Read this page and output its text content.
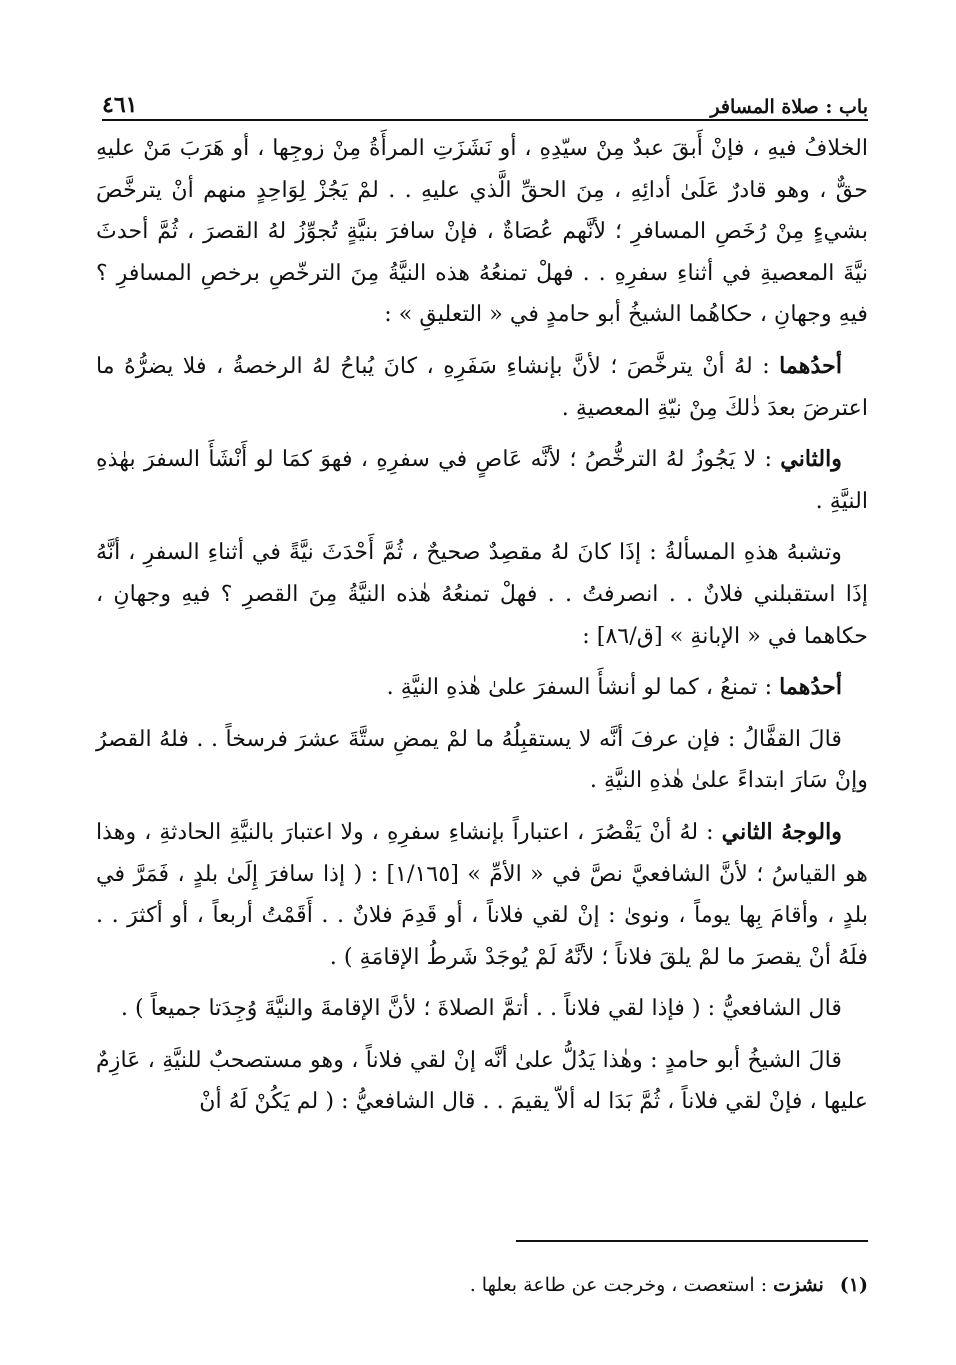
باب : صلاة المسافر
٤٦١

الخلافُ فيهِ ، فإنْ أَبقَ عبدٌ مِنْ سيّدِهِ ، أو نَشَزَتِ المرأَةُ مِنْ زوجِها ، أو هَرَبَ مَنْ عليهِ حقٌّ ، وهو قادرٌ عَلَىٰ أدائِهِ ، مِنَ الحقِّ الَّذي عليهِ . . لمْ يَجُزْ لِوَاحِدٍ منهم أنْ يترخَّصَ بشيءٍ مِنْ رُخَصِ المسافرِ ؛ لأنَّهم عُصَاةٌ ، فإنْ سافرَ بنيَّةٍ تُجوِّزُ لهُ القصرَ ، ثُمَّ أحدثَ نيَّةَ المعصيةِ في أثناءِ سفرِهِ . . فهلْ تمنعُهُ هذه النيَّةُ مِنَ الترخّصِ برخصِ المسافرِ ؟ فيهِ وجهانِ ، حكاهُما الشيخُ أبو حامدٍ في « التعليقِ » :

أحدُهما : لهُ أنْ يترخَّصَ ؛ لأنَّ بإنشاءِ سَفَرِهِ ، كانَ يُباحُ لهُ الرخصةُ ، فلا يضرُّهُ ما اعترضَ بعدَ ذٰلكَ مِنْ نيّةِ المعصيةِ .

والثاني : لا يَجُوزُ لهُ الترخُّصُ ؛ لأنَّه عَاصٍ في سفرِهِ ، فهوَ كمَا لو أَنْشَأَ السفرَ بهٰذهِ النيَّةِ .

وتشبهُ هذهِ المسألةُ : إذَا كانَ لهُ مقصِدٌ صحيحٌ ، ثُمَّ أَحْدَثَ نيَّةً في أثناءِ السفرِ ، أنَّهُ إذَا استقبلني فلانٌ . . انصرفتُ . . فهلْ تمنعُهُ هٰذه النيَّةُ مِنَ القصرِ ؟ فيهِ وجهانِ ، حكاهما في « الإبانةِ » [ق/٨٦] :

أحدُهما : تمنعُ ، كما لو أنشأَ السفرَ علىٰ هٰذهِ النيَّةِ .

قالَ القفَّالُ : فإن عرفَ أنَّه لا يستقبِلُهُ ما لمْ يمضِ ستَّةَ عشرَ فرسخاً . . فلهُ القصرُ وإنْ سَارَ ابتداءً علىٰ هٰذهِ النيَّةِ .

والوجهُ الثاني : لهُ أنْ يَقْصُرَ ، اعتباراً بإنشاءِ سفرِهِ ، ولا اعتبارَ بالنيَّةِ الحادثةِ ، وهذا هو القياسُ ؛ لأنَّ الشافعيَّ نصَّ في « الأمِّ » [١/١٦٥] : ( إذا سافرَ إِلَىٰ بلدٍ ، فَمَرَّ في بلدٍ ، وأقامَ بِها يوماً ، ونوىٰ : إنْ لقي فلاناً ، أو قَدِمَ فلانٌ . . أَقَمْتُ أربعاً ، أو أكثرَ . . فلَهُ أنْ يقصرَ ما لمْ يلقَ فلاناً ؛ لأنَّهُ لَمْ يُوجَدْ شَرطُ الإقامَةِ ) .

قال الشافعيُّ : ( فإذا لقي فلاناً . . أتمَّ الصلاةَ ؛ لأنَّ الإقامةَ والنيَّةَ وُجِدَتا جميعاً ) .

قالَ الشيخُ أبو حامدٍ : وهٰذا يَدُلُّ علىٰ أنَّه إنْ لقي فلاناً ، وهو مستصحبٌ للنيَّةِ ، عَازِمٌ عليها ، فإنْ لقي فلاناً ، ثُمَّ بَدَا له ألاّ يقيمَ . . قال الشافعيُّ : ( لم يَكُنْ لَهُ أنْ

(١)نشزت : استعصت ، وخرجت عن طاعة بعلها .
